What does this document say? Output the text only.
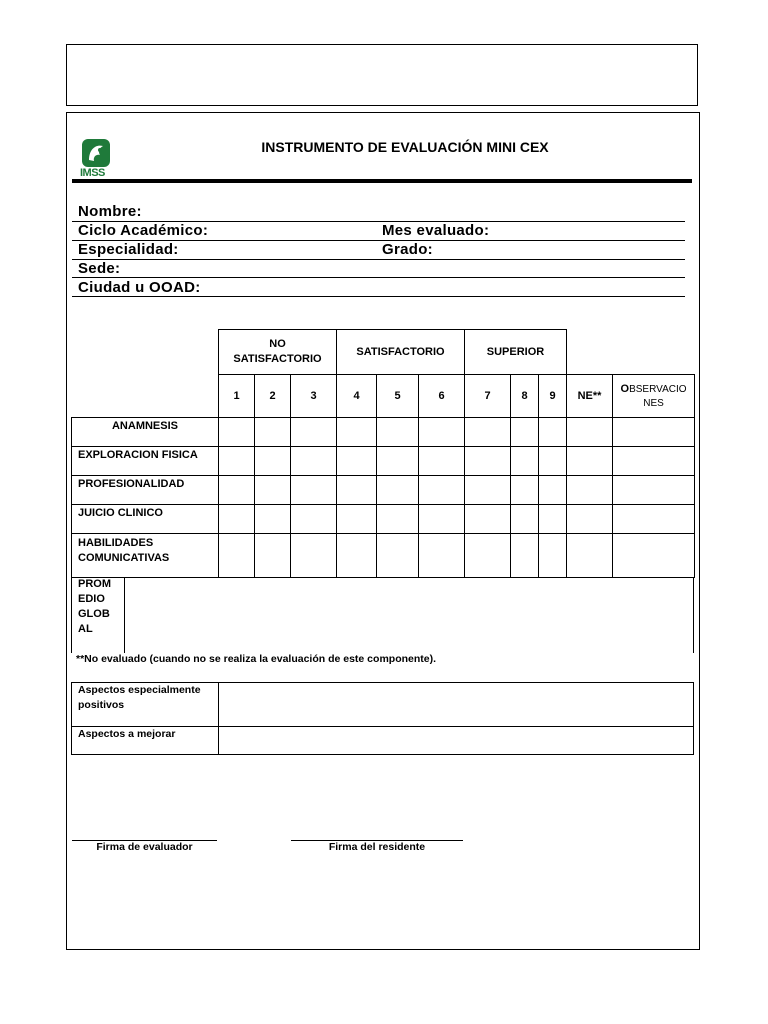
IMSS
INSTRUMENTO DE EVALUACIÓN MINI CEX
Nombre:
Ciclo Académico:	Mes evaluado:
Especialidad:	Grado:
Sede:
Ciudad u OOAD:
	NO SATISFACTORIO			SATISFACTORIO			SUPERIOR				
	1	2	3	4	5	6	7	8	9	NE**	OBSERVACIO
NES
ANAMNESIS											
EXPLORACION FISICA											
PROFESIONALIDAD											
JUICIO CLINICO											
HABILIDADES COMUNICATIVAS											
PROM EDIO GLOB AL
**No evaluado (cuando no se realiza la evaluación de este componente).
Aspectos especialmente positivos	
Aspectos a mejorar	
Firma de evaluador	Firma del residente
